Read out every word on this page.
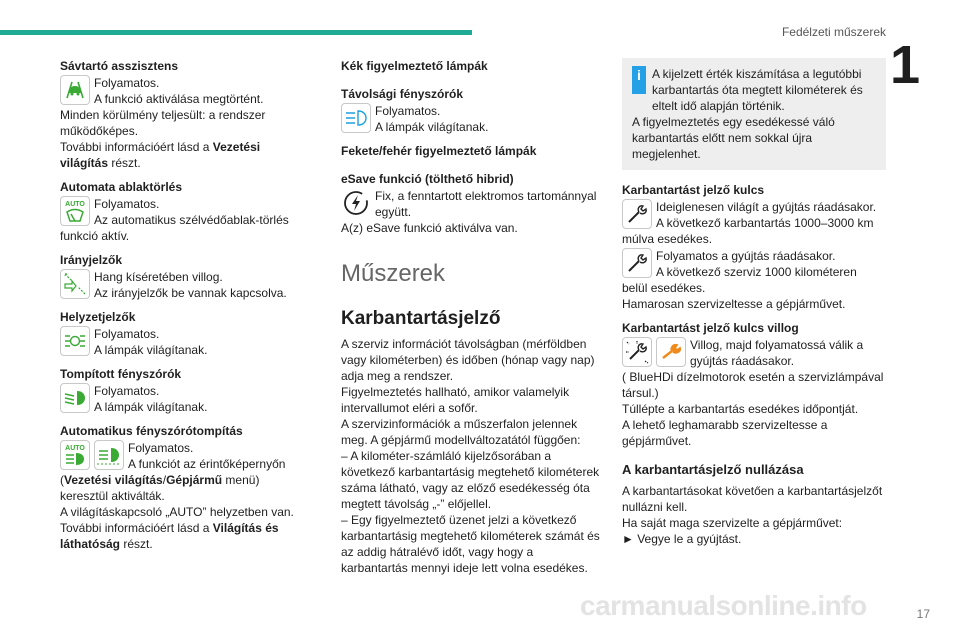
Fedélzeti műszerek
1
Sávtartó asszisztens
Folyamatos.
A funkció aktiválása megtörtént.
Minden körülmény teljesült: a rendszer működőképes.
További információért lásd a Vezetési világítás részt.
Automata ablaktörlés
AUTO Folyamatos.
Az automatikus szélvédőablak-törlés
funkció aktív.
Irányjelzők
Hang kíséretében villog.
Az irányjelzők be vannak kapcsolva.
Helyzetjelzők
Folyamatos.
A lámpák világítanak.
Tompított fényszórók
Folyamatos.
A lámpák világítanak.
Automatikus fényszórótompítás
AUTO	Folyamatos.
A funkciót az érintőképernyőn
(Vezetési világítás/Gépjármű menü) keresztül aktiválták.
A világításkapcsoló „AUTO” helyzetben van.
További információért lásd a Világítás és láthatóság részt.
Kék figyelmeztető lámpák
Távolsági fényszórók
Folyamatos.
A lámpák világítanak.
Fekete/fehér figyelmeztető lámpák
eSave funkció (tölthető hibrid)
Fix, a fenntartott elektromos tartománnyal
együtt.
A(z) eSave funkció aktiválva van.
Műszerek
Karbantartásjelző
A szerviz információt távolságban (mérföldben vagy kilométerben) és időben (hónap vagy nap) adja meg a rendszer.
Figyelmeztetés hallható, amikor valamelyik intervallumot eléri a sofőr.
A szervizinformációk a műszerfalon jelennek meg. A gépjármű modellváltozatától függően:
– A kilométer-számláló kijelzősorában a következő karbantartásig megtehető kilométerek száma látható, vagy az előző esedékesség óta megtett távolság „-” előjellel.
– Egy figyelmeztető üzenet jelzi a következő karbantartásig megtehető kilométerek számát és az addig hátralévő időt, vagy hogy a karbantartás mennyi ideje lett volna esedékes.
i A kijelzett érték kiszámítása a legutóbbi karbantartás óta megtett kilométerek és eltelt idő alapján történik.
A figyelmeztetés egy esedékessé váló karbantartás előtt nem sokkal újra megjelenhet.
Karbantartást jelző kulcs
Ideiglenesen világít a gyújtás ráadásakor.
A következő karbantartás 1000–3000 km
múlva esedékes.
Folyamatos a gyújtás ráadásakor.
A következő szerviz 1000 kilométeren
belül esedékes.
Hamarosan szervizeltesse a gépjárművet.
Karbantartást jelző kulcs villog
Villog, majd folyamatossá válik a
gyújtás ráadásakor.
( BlueHDi dízelmotorok esetén a szervizlámpával társul.)
Túllépte a karbantartás esedékes időpontját.
A lehető leghamarabb szervizeltesse a gépjárművet.
A karbantartásjelző nullázása
A karbantartásokat követően a karbantartásjelzőt nullázni kell.
Ha saját maga szervizelte a gépjárművet:
► Vegye le a gyújtást.
carmanualsonline.info	17
